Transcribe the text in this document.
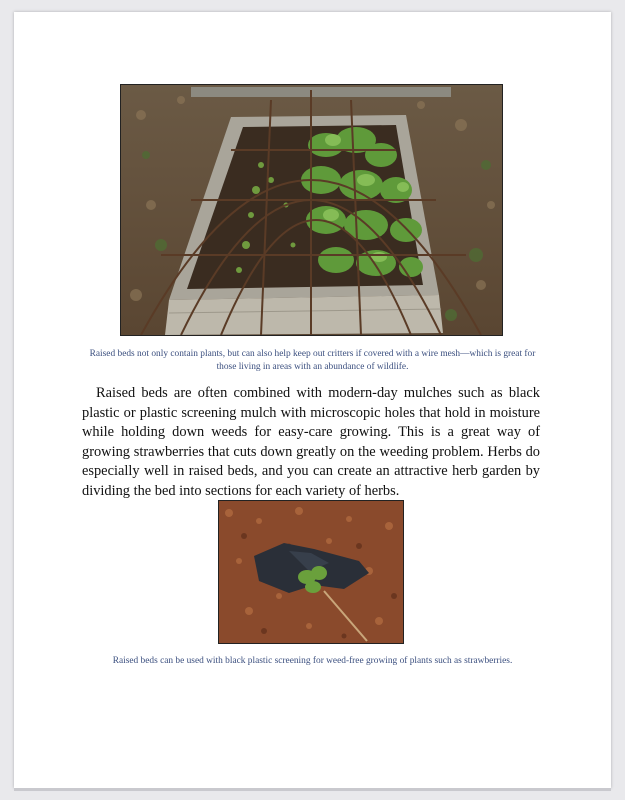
Raised beds not only contain plants, but can also help keep out critters if covered with a wire mesh—which is great for those living in areas with an abundance of wildlife.

Raised beds are often combined with modern-day mulches such as black plastic or plastic screening mulch with microscopic holes that hold in moisture while holding down weeds for easy-care growing. This is a great way of growing strawberries that cuts down greatly on the weeding problem. Herbs do especially well in raised beds, and you can create an attractive herb garden by dividing the bed into sections for each variety of herbs.

Raised beds can be used with black plastic screening for weed-free growing of plants such as strawberries.
